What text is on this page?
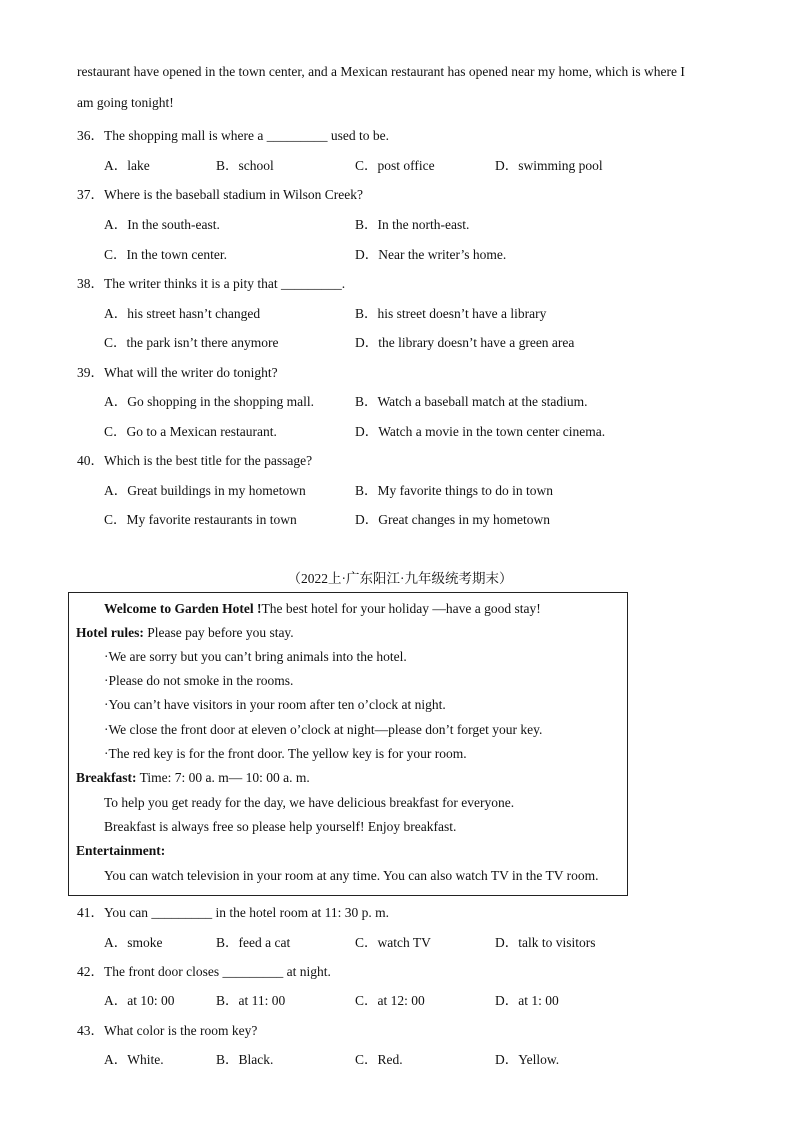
restaurant have opened in the town center, and a Mexican restaurant has opened near my home, which is where I
am going tonight!
36．The shopping mall is where a _________ used to be.
A．lake	B．school	C．post office	D．swimming pool
37．Where is the baseball stadium in Wilson Creek?
A．In the south-east.	B．In the north-east.
C．In the town center.	D．Near the writer’s home.
38．The writer thinks it is a pity that _________.
A．his street hasn’t changed	B．his street doesn’t have a library
C．the park isn’t there anymore	D．the library doesn’t have a green area
39．What will the writer do tonight?
A．Go shopping in the shopping mall.	B．Watch a baseball match at the stadium.
C．Go to a Mexican restaurant.	D．Watch a movie in the town center cinema.
40．Which is the best title for the passage?
A．Great buildings in my hometown	B．My favorite things to do in town
C．My favorite restaurants in town	D．Great changes in my hometown
（2022上·广东阳江·九年级统考期末）
Welcome to Garden Hotel !The best hotel for your holiday —have a good stay!
Hotel rules: Please pay before you stay.
·We are sorry but you can’t bring animals into the hotel.
·Please do not smoke in the rooms.
·You can’t have visitors in your room after ten o’clock at night.
·We close the front door at eleven o’clock at night—please don’t forget your key.
·The red key is for the front door. The yellow key is for your room.
Breakfast: Time: 7: 00 a. m— 10: 00 a. m.
To help you get ready for the day, we have delicious breakfast for everyone.
Breakfast is always free so please help yourself! Enjoy breakfast.
Entertainment:
You can watch television in your room at any time. You can also watch TV in the TV room.
41．You can _________ in the hotel room at 11: 30 p. m.
A．smoke	B．feed a cat	C．watch TV	D．talk to visitors
42．The front door closes _________ at night.
A．at 10: 00	B．at 11: 00	C．at 12: 00	D．at 1: 00
43．What color is the room key?
A．White.	B．Black.	C．Red.	D．Yellow.
